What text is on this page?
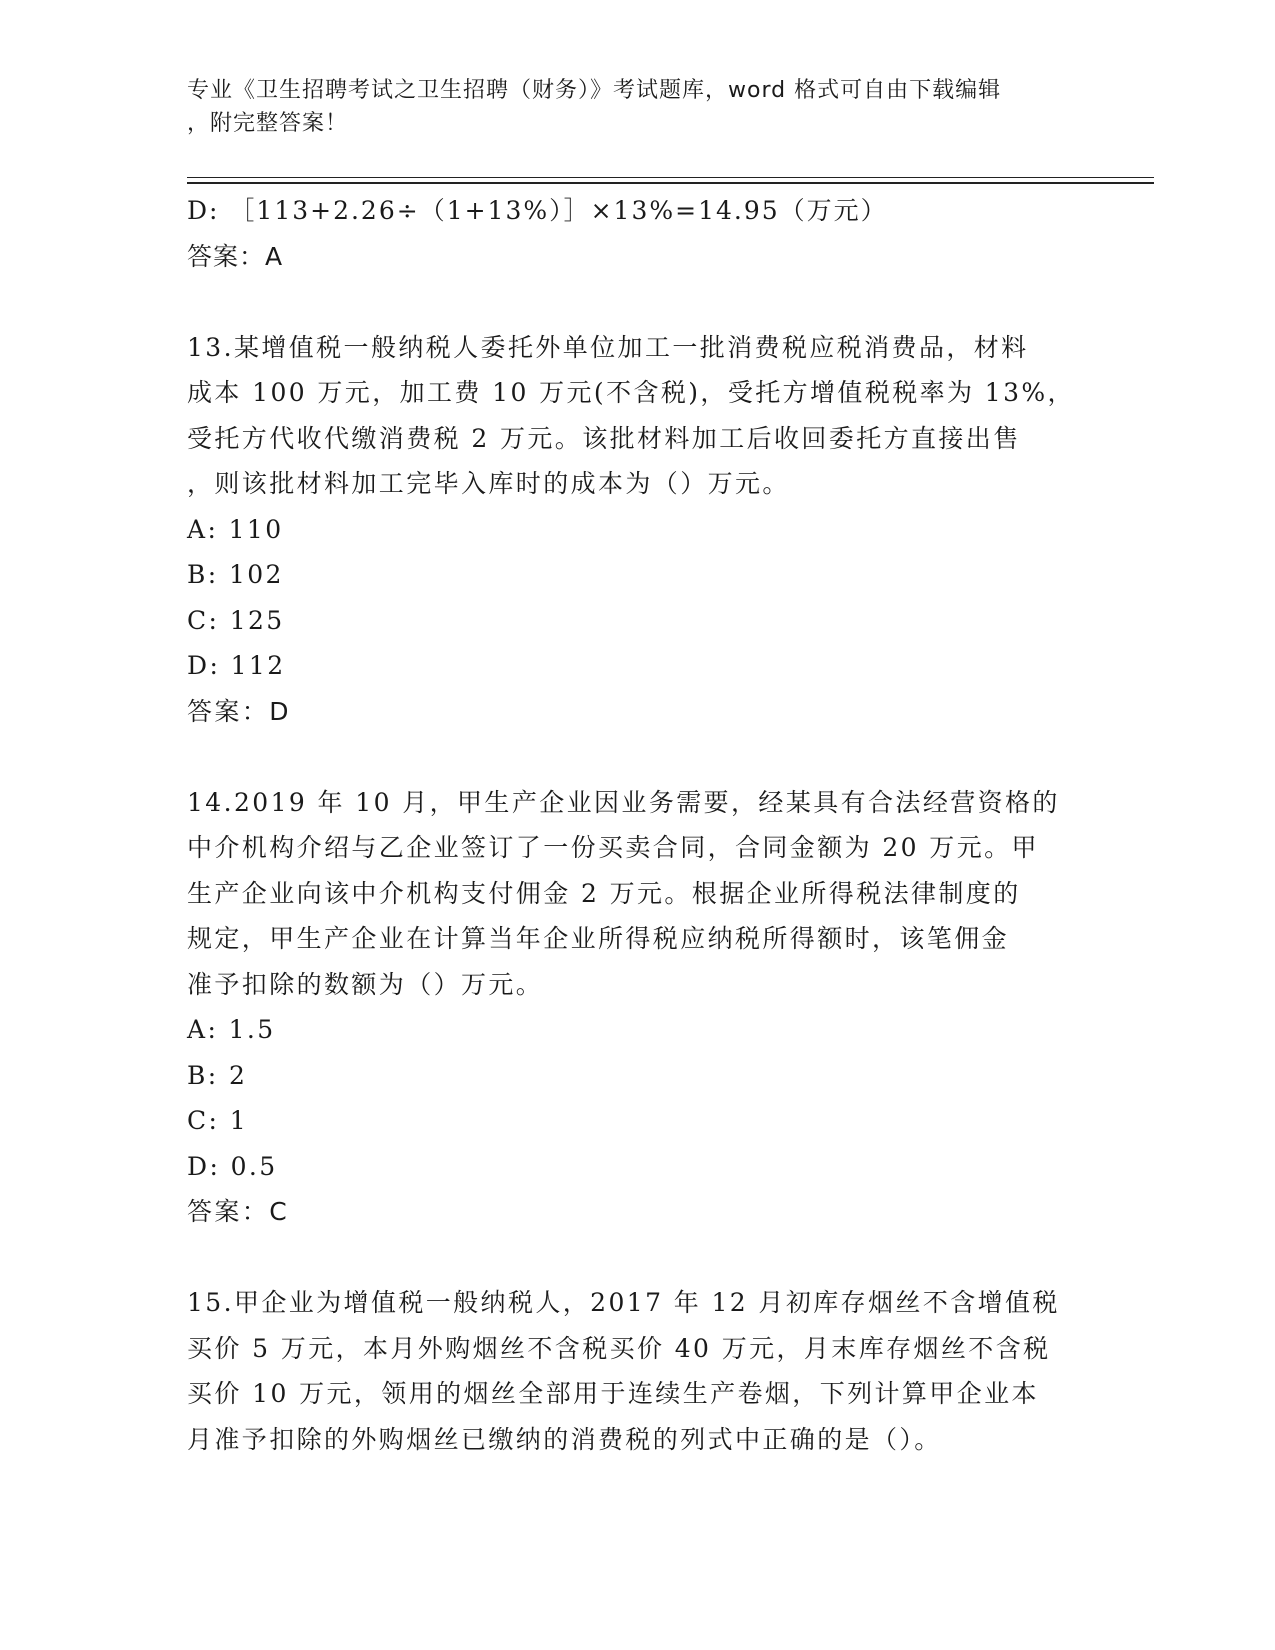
专业《卫生招聘考试之卫生招聘（财务）》考试题库，word 格式可自由下载编辑
，附完整答案！
D: ［113+2.26÷（1+13%）］×13%=14.95（万元）
答案：A
13.某增值税一般纳税人委托外单位加工一批消费税应税消费品，材料
成本 100 万元，加工费 10 万元(不含税)，受托方增值税税率为 13%，
受托方代收代缴消费税 2 万元。该批材料加工后收回委托方直接出售
，则该批材料加工完毕入库时的成本为（）万元。
A: 110
B: 102
C: 125
D: 112
答案：D
14.2019 年 10 月，甲生产企业因业务需要，经某具有合法经营资格的
中介机构介绍与乙企业签订了一份买卖合同，合同金额为 20 万元。甲
生产企业向该中介机构支付佣金 2 万元。根据企业所得税法律制度的
规定，甲生产企业在计算当年企业所得税应纳税所得额时，该笔佣金
准予扣除的数额为（）万元。
A: 1.5
B: 2
C: 1
D: 0.5
答案：C
15.甲企业为增值税一般纳税人，2017 年 12 月初库存烟丝不含增值税
买价 5 万元，本月外购烟丝不含税买价 40 万元，月末库存烟丝不含税
买价 10 万元，领用的烟丝全部用于连续生产卷烟，下列计算甲企业本
月准予扣除的外购烟丝已缴纳的消费税的列式中正确的是（）。
